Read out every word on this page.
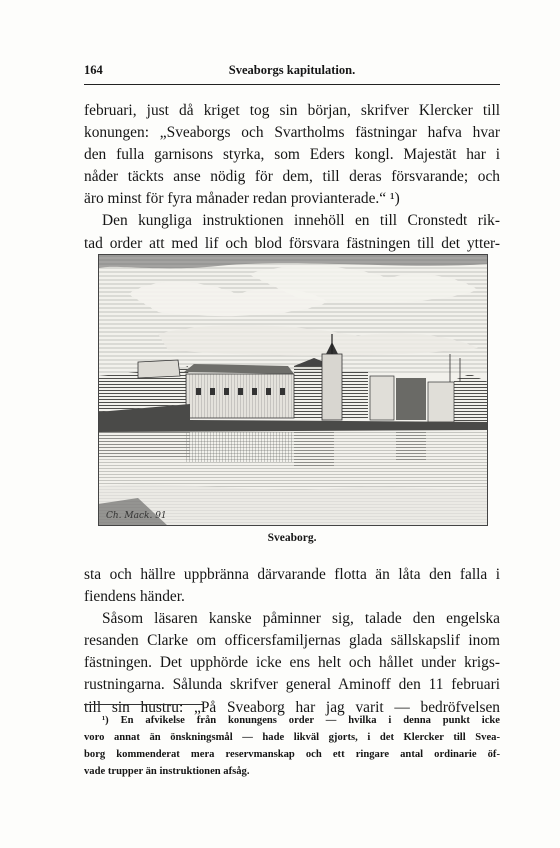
164	Sveaborgs kapitulation.
februari, just då kriget tog sin början, skrifver Klercker till
konungen: „Sveaborgs och Svartholms fästningar hafva hvar
den fulla garnisons styrka, som Eders kongl. Majestät har i
nåder täckts anse nödig för dem, till deras försvarande; och
äro minst för fyra månader redan provianterade.“ ¹)
Den kungliga instruktionen innehöll en till Cronstedt rik-
tad order att med lif och blod försvara fästningen till det ytter-
Ch. Mack. 91
Sveaborg.
sta och hällre uppbränna därvarande flotta än låta den falla i
fiendens händer.
Såsom läsaren kanske påminner sig, talade den engelska
resanden Clarke om officersfamiljernas glada sällskapslif inom
fästningen. Det upphörde icke ens helt och hållet under krigs-
rustningarna. Sålunda skrifver general Aminoff den 11 februari
till sin hustru: „På Sveaborg har jag varit — bedröfvelsen
¹) En afvikelse från konungens order — hvilka i denna punkt icke
voro annat än önskningsmål — hade likväl gjorts, i det Klercker till Svea-
borg kommenderat mera reservmanskap och ett ringare antal ordinarie öf-
vade trupper än instruktionen afsåg.
